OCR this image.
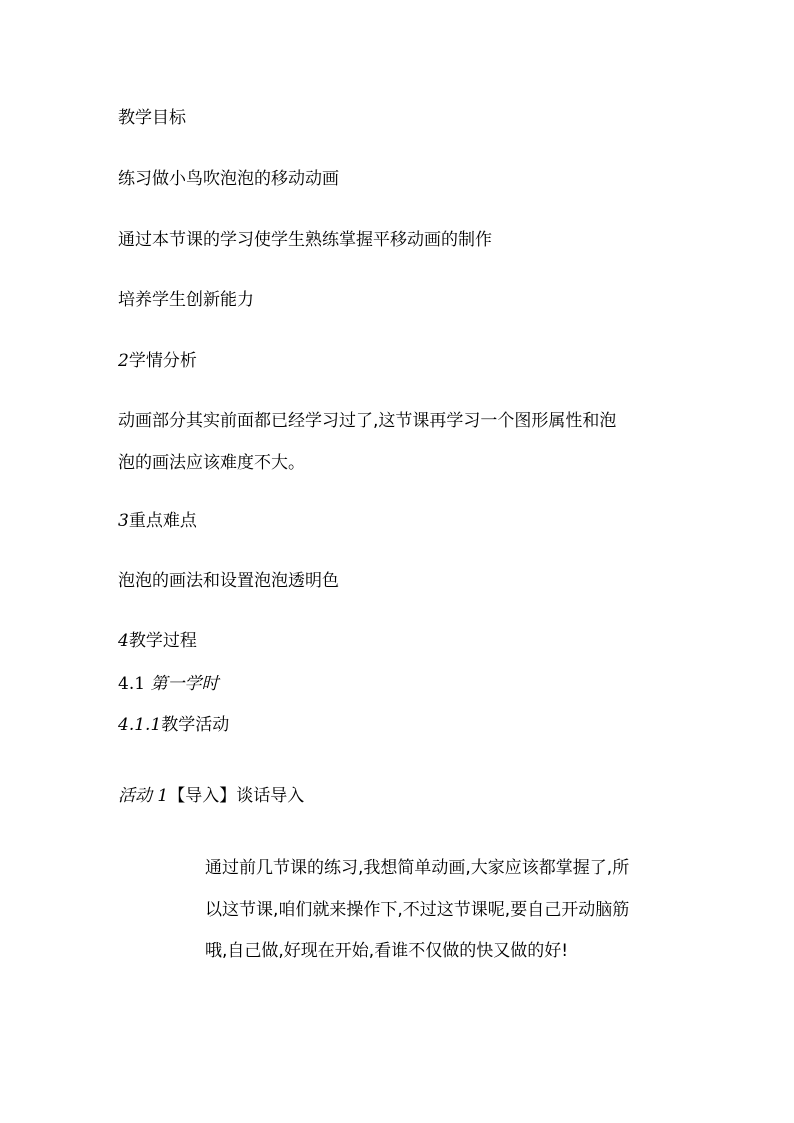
教学目标

练习做小鸟吹泡泡的移动动画

通过本节课的学习使学生熟练掌握平移动画的制作

培养学生创新能力

2学情分析

动画部分其实前面都已经学习过了,这节课再学习一个图形属性和泡

泡的画法应该难度不大。

3重点难点

泡泡的画法和设置泡泡透明色

4教学过程

4.1 第一学时

4.1.1教学活动

活动 1【导入】谈话导入

通过前几节课的练习,我想简单动画,大家应该都掌握了,所

以这节课,咱们就来操作下,不过这节课呢,要自己开动脑筋

哦,自己做,好现在开始,看谁不仅做的快又做的好!
